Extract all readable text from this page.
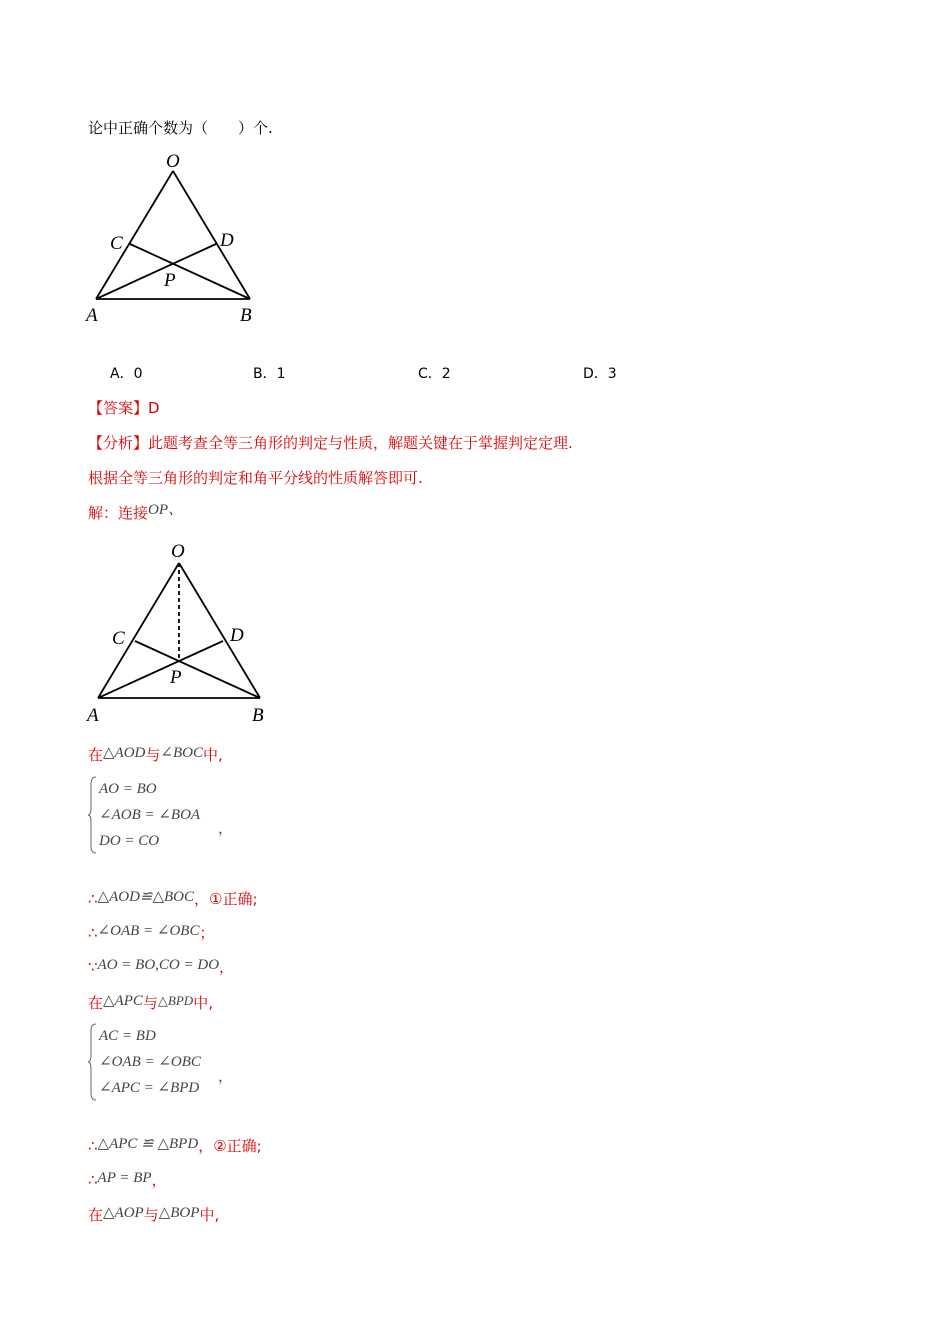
论中正确个数为（　　）个.
O
C	D
P
A	B
A．0	B．1	C．2	D．3
【答案】D
【分析】此题考查全等三角形的判定与性质，解题关键在于掌握判定定理.
根据全等三角形的判定和角平分线的性质解答即可.
解：连接OP、
O
C	D
P
A	B
在△AOD与∠BOC中,
AO = BO
∠AOB = ∠BOA
DO = CO
，
∴△AOD≌△BOC，①正确;
∴∠OAB = ∠OBC；
∵AO = BO,CO = DO，
在△APC与△BPD中,
AC = BD
∠OAB = ∠OBC
∠APC = ∠BPD
，
∴△APC ≌ △BPD，②正确;
∴AP = BP，
在△AOP与△BOP中,
